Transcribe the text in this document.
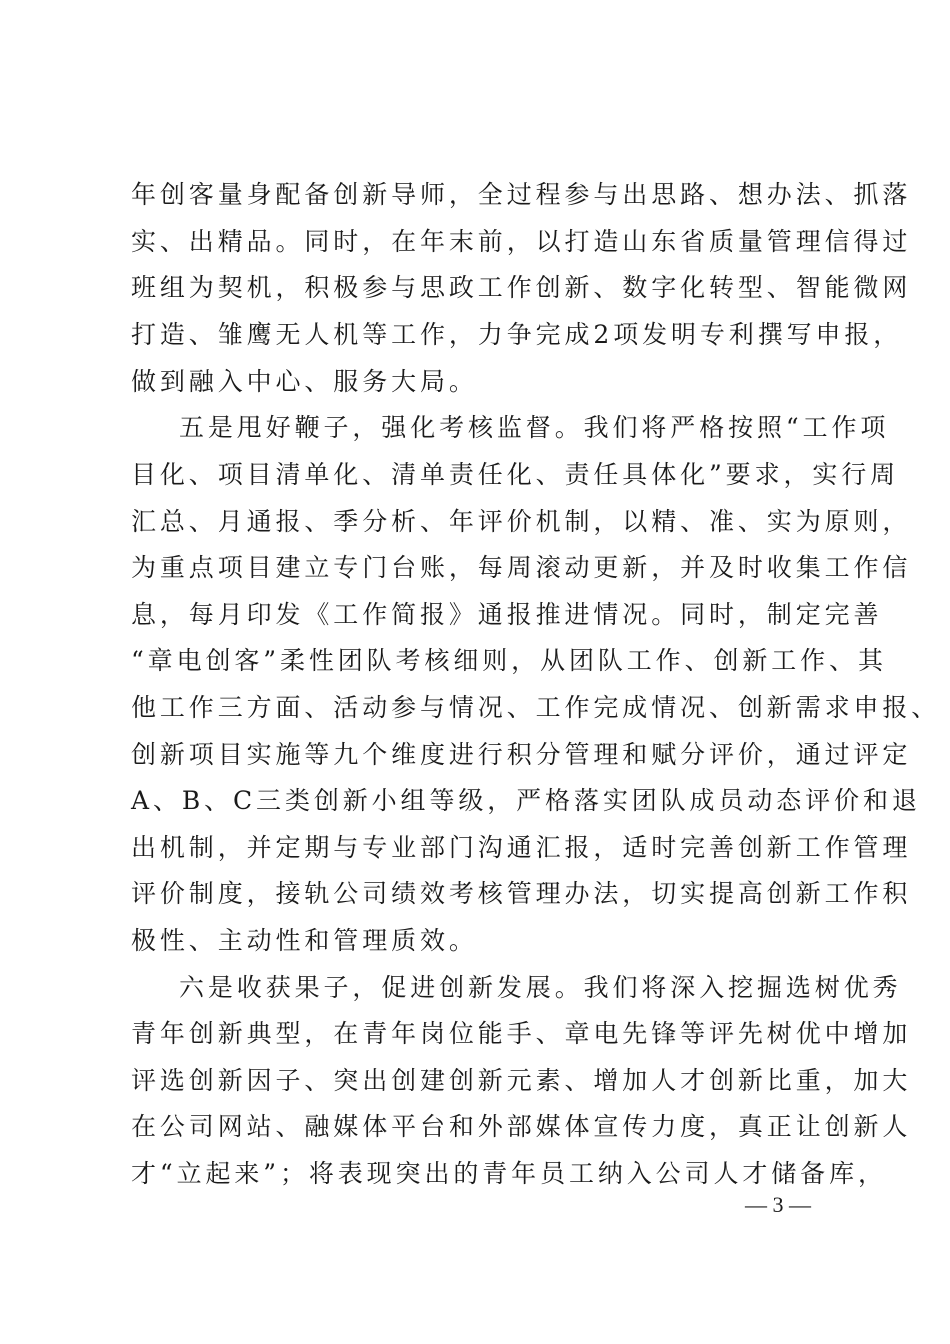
年创客量身配备创新导师，全过程参与出思路、想办法、抓落
实、出精品。同时，在年末前，以打造山东省质量管理信得过
班组为契机，积极参与思政工作创新、数字化转型、智能微网
打造、雏鹰无人机等工作，力争完成2项发明专利撰写申报，
做到融入中心、服务大局。
五是甩好鞭子，强化考核监督。我们将严格按照“工作项
目化、项目清单化、清单责任化、责任具体化”要求，实行周
汇总、月通报、季分析、年评价机制，以精、准、实为原则，
为重点项目建立专门台账，每周滚动更新，并及时收集工作信
息，每月印发《工作简报》通报推进情况。同时，制定完善
“章电创客”柔性团队考核细则，从团队工作、创新工作、其
他工作三方面、活动参与情况、工作完成情况、创新需求申报、
创新项目实施等九个维度进行积分管理和赋分评价，通过评定
A、B、C三类创新小组等级，严格落实团队成员动态评价和退
出机制，并定期与专业部门沟通汇报，适时完善创新工作管理
评价制度，接轨公司绩效考核管理办法，切实提高创新工作积
极性、主动性和管理质效。
六是收获果子，促进创新发展。我们将深入挖掘选树优秀
青年创新典型，在青年岗位能手、章电先锋等评先树优中增加
评选创新因子、突出创建创新元素、增加人才创新比重，加大
在公司网站、融媒体平台和外部媒体宣传力度，真正让创新人
才“立起来”；将表现突出的青年员工纳入公司人才储备库，
— 3 —
